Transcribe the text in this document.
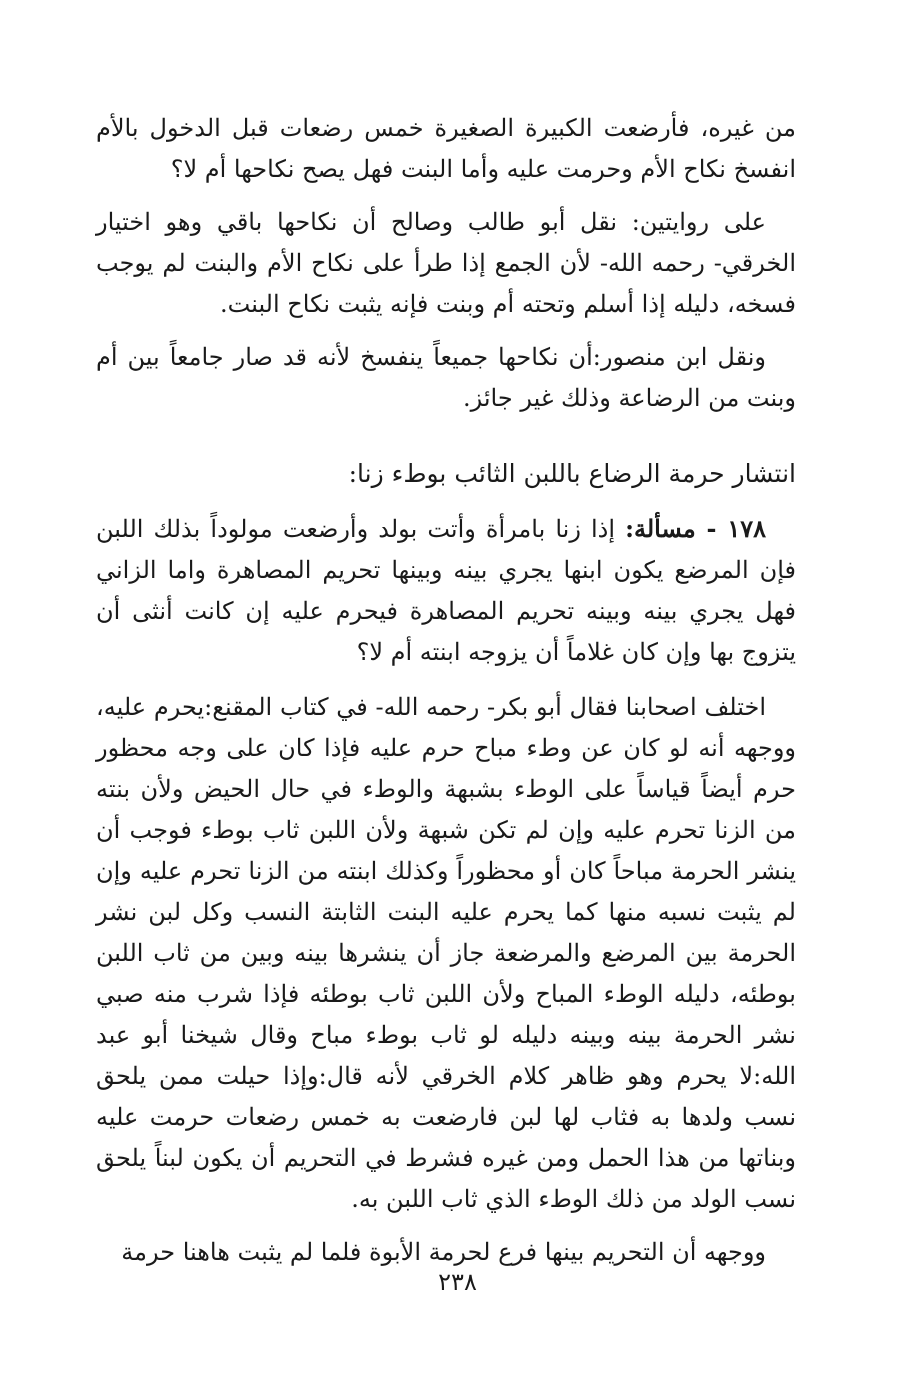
من غيره، فأرضعت الكبيرة الصغيرة خمس رضعات قبل الدخول بالأم انفسخ نكاح الأم وحرمت عليه وأما البنت فهل يصح نكاحها أم لا؟

على روايتين: نقل أبو طالب وصالح أن نكاحها باقي وهو اختيار الخرقي- رحمه الله- لأن الجمع إذا طرأ على نكاح الأم والبنت لم يوجب فسخه، دليله إذا أسلم وتحته أم وبنت فإنه يثبت نكاح البنت.

ونقل ابن منصور:أن نكاحها جميعاً ينفسخ لأنه قد صار جامعاً بين أم وبنت من الرضاعة وذلك غير جائز.

انتشار حرمة الرضاع باللبن الثائب بوطء زنا:

١٧٨ - مسألة: إذا زنا بامرأة وأتت بولد وأرضعت مولوداً بذلك اللبن فإن المرضع يكون ابنها يجري بينه وبينها تحريم المصاهرة واما الزاني فهل يجري بينه وبينه تحريم المصاهرة فيحرم عليه إن كانت أنثى أن يتزوج بها وإن كان غلاماً أن يزوجه ابنته أم لا؟

اختلف اصحابنا فقال أبو بكر- رحمه الله- في كتاب المقنع:يحرم عليه، ووجهه أنه لو كان عن وطء مباح حرم عليه فإذا كان على وجه محظور حرم أيضاً قياساً على الوطء بشبهة والوطء في حال الحيض ولأن بنته من الزنا تحرم عليه وإن لم تكن شبهة ولأن اللبن ثاب بوطء فوجب أن ينشر الحرمة مباحاً كان أو محظوراً وكذلك ابنته من الزنا تحرم عليه وإن لم يثبت نسبه منها كما يحرم عليه البنت الثابتة النسب وكل لبن نشر الحرمة بين المرضع والمرضعة جاز أن ينشرها بينه وبين من ثاب اللبن بوطئه، دليله الوطء المباح ولأن اللبن ثاب بوطئه فإذا شرب منه صبي نشر الحرمة بينه وبينه دليله لو ثاب بوطء مباح وقال شيخنا أبو عبد الله:لا يحرم وهو ظاهر كلام الخرقي لأنه قال:وإذا حيلت ممن يلحق نسب ولدها به فثاب لها لبن فارضعت به خمس رضعات حرمت عليه وبناتها من هذا الحمل ومن غيره فشرط في التحريم أن يكون لبناً يلحق نسب الولد من ذلك الوطء الذي ثاب اللبن به.

ووجهه أن التحريم بينها فرع لحرمة الأبوة فلما لم يثبت هاهنا حرمة

٢٣٨
